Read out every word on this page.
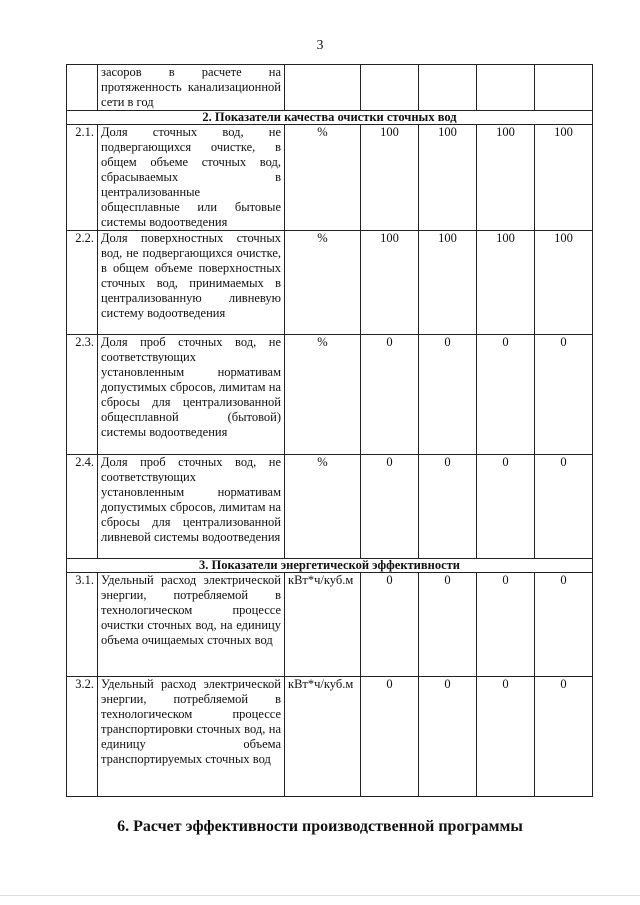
3
	засоров в расчете на протяженность канализационной сети в год					
2. Показатели качества очистки сточных вод						
2.1.	Доля сточных вод, не подвергающихся очистке, в общем объеме сточных вод, сбрасываемых в централизованные общесплавные или бытовые системы водоотведения	%	100	100	100	100
2.2.	Доля поверхностных сточных вод, не подвергающихся очистке, в общем объеме поверхностных сточных вод, принимаемых в централизованную ливневую систему водоотведения	%	100	100	100	100
2.3.	Доля проб сточных вод, не соответствующих установленным нормативам допустимых сбросов, лимитам на сбросы для централизованной общесплавной (бытовой) системы водоотведения	%	0	0	0	0
2.4.	Доля проб сточных вод, не соответствующих установленным нормативам допустимых сбросов, лимитам на сбросы для централизованной ливневой системы водоотведения	%	0	0	0	0
3. Показатели энергетической эффективности						
3.1.	Удельный расход электрической энергии, потребляемой в технологическом процессе очистки сточных вод, на единицу объема очищаемых сточных вод	кВт*ч/куб.м	0	0	0	0
3.2.	Удельный расход электрической энергии, потребляемой в технологическом процессе транспортировки сточных вод, на единицу объема транспортируемых сточных вод	кВт*ч/куб.м	0	0	0	0
6. Расчет эффективности производственной программы
